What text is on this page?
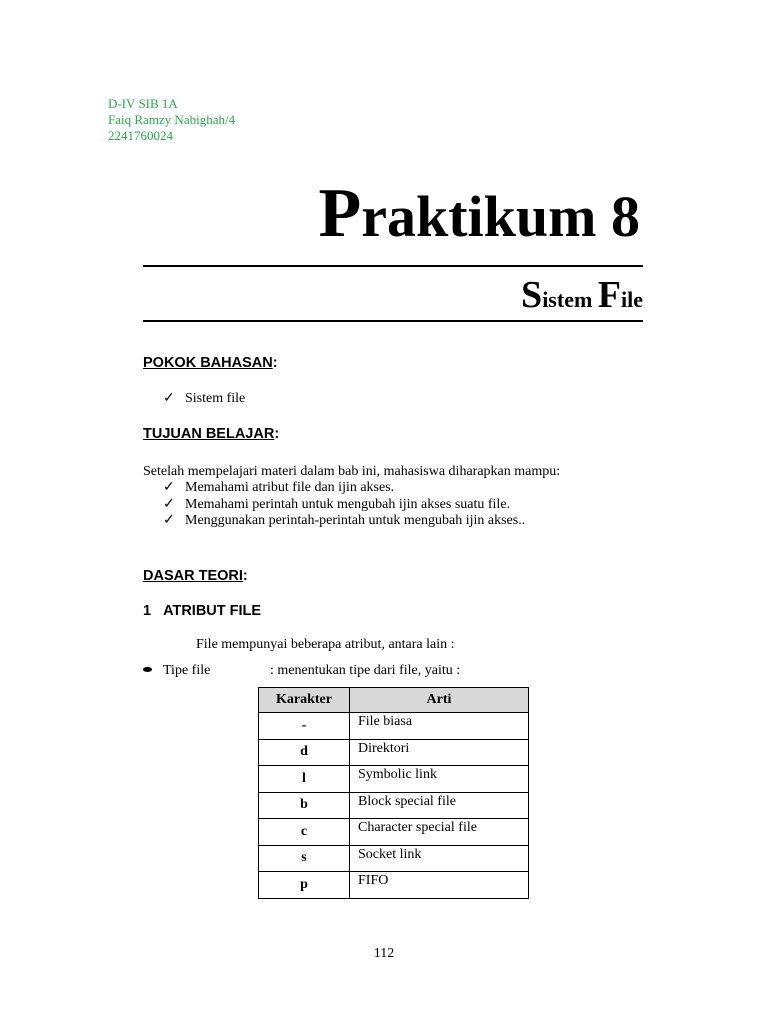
D-IV SIB 1A
Faiq Ramzy Nabighah/4
2241760024
Praktikum 8
Sistem File
POKOK BAHASAN:
✓ Sistem file
TUJUAN BELAJAR:
Setelah mempelajari materi dalam bab ini, mahasiswa diharapkan mampu:
✓ Memahami atribut file dan ijin akses.
✓ Memahami perintah untuk mengubah ijin akses suatu file.
✓ Menggunakan perintah-perintah untuk mengubah ijin akses..
DASAR TEORI:
1 ATRIBUT FILE
File mempunyai beberapa atribut, antara lain :
Tipe file	: menentukan tipe dari file, yaitu :
Karakter	Arti
-	File biasa
d	Direktori
l	Symbolic link
b	Block special file
c	Character special file
s	Socket link
p	FIFO
112
